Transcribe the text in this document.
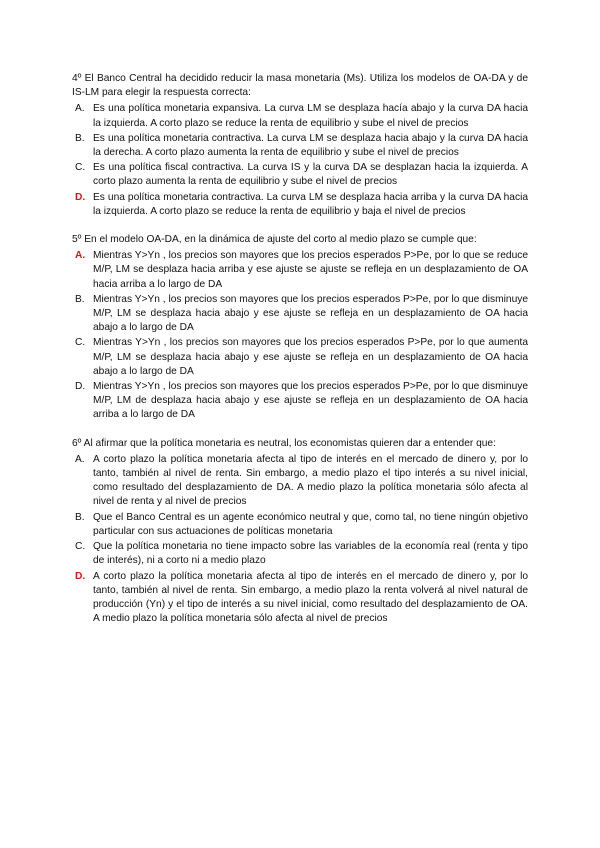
4º El Banco Central ha decidido reducir la masa monetaria (Ms). Utiliza los modelos de OA-DA y de IS-LM para elegir la respuesta correcta:

A. Es una política monetaria expansiva. La curva LM se desplaza hacía abajo y la curva DA hacia la izquierda. A corto plazo se reduce la renta de equilibrio y sube el nivel de precios
B. Es una política monetaria contractiva. La curva LM se desplaza hacia abajo y la curva DA hacia la derecha. A corto plazo aumenta la renta de equilibrio y sube el nivel de precios
C. Es una política fiscal contractiva. La curva IS y la curva DA se desplazan hacia la izquierda. A corto plazo aumenta la renta de equilibrio y sube el nivel de precios
D. Es una política monetaria contractiva. La curva LM se desplaza hacia arriba y la curva DA hacia la izquierda. A corto plazo se reduce la renta de equilibrio y baja el nivel de precios

5º En el modelo OA-DA, en la dinámica de ajuste del corto al medio plazo se cumple que:

A. Mientras Y>Yn , los precios son mayores que los precios esperados P>Pe, por lo que se reduce M/P, LM se desplaza hacia arriba y ese ajuste se ajuste se refleja en un desplazamiento de OA hacia arriba a lo largo de DA
B. Mientras Y>Yn , los precios son mayores que los precios esperados P>Pe, por lo que disminuye M/P, LM se desplaza hacia abajo y ese ajuste se refleja en un desplazamiento de OA hacia abajo a lo largo de DA
C. Mientras Y>Yn , los precios son mayores que los precios esperados P>Pe, por lo que aumenta M/P, LM se desplaza hacia abajo y ese ajuste se refleja en un desplazamiento de OA hacia abajo a lo largo de DA
D. Mientras Y>Yn , los precios son mayores que los precios esperados P>Pe, por lo que disminuye M/P, LM de desplaza hacia abajo y ese ajuste se refleja en un desplazamiento de OA hacia arriba a lo largo de DA

6º Al afirmar que la política monetaria es neutral, los economistas quieren dar a entender que:

A. A corto plazo la política monetaria afecta al tipo de interés en el mercado de dinero y, por lo tanto, también al nivel de renta. Sin embargo, a medio plazo el tipo interés a su nivel inicial, como resultado del desplazamiento de DA. A medio plazo la política monetaria sólo afecta al nivel de renta y al nivel de precios
B. Que el Banco Central es un agente económico neutral y que, como tal, no tiene ningún objetivo particular con sus actuaciones de políticas monetaria
C. Que la política monetaria no tiene impacto sobre las variables de la economía real (renta y tipo de interés), ni a corto ni a medio plazo
D. A corto plazo la política monetaria afecta al tipo de interés en el mercado de dinero y, por lo tanto, también al nivel de renta. Sin embargo, a medio plazo la renta volverá al nivel natural de producción (Yn) y el tipo de interés a su nivel inicial, como resultado del desplazamiento de OA. A medio plazo la política monetaria sólo afecta al nivel de precios
